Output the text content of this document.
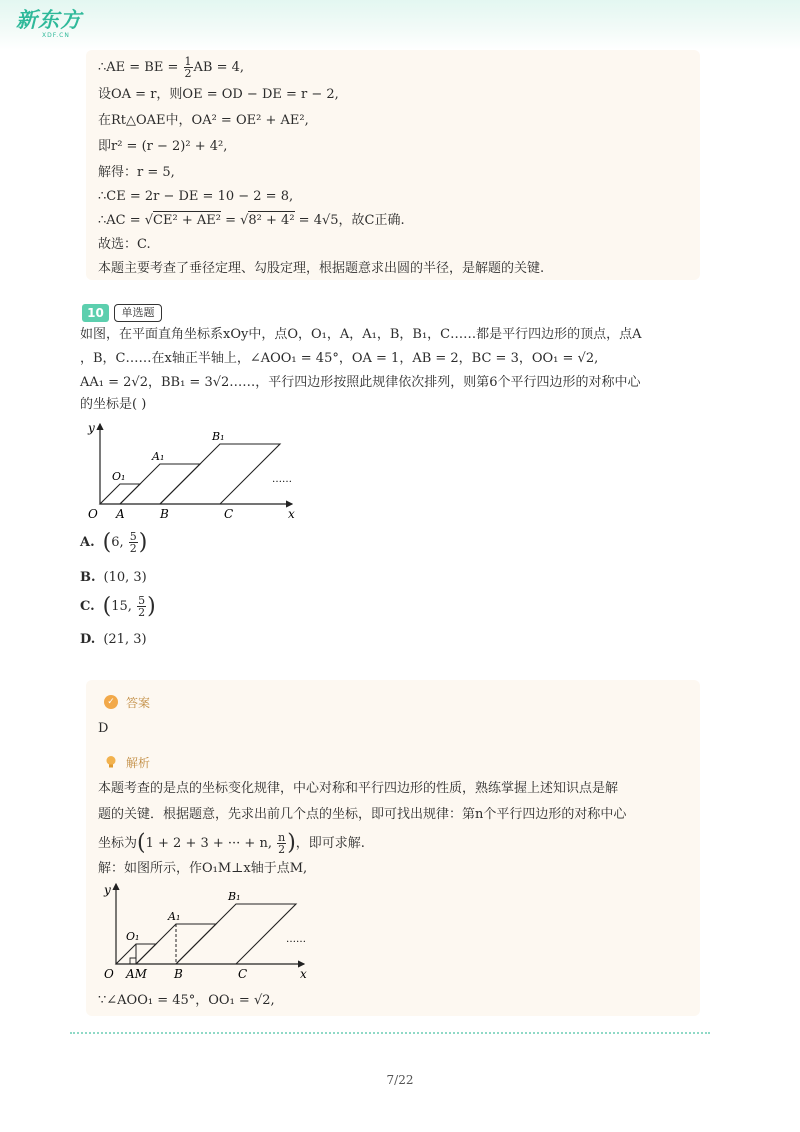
新东方
XDF.CN
∴AE = BE = $\frac{1}{2}$ AB = 4,
设OA = r，则OE = OD − DE = r − 2,
在Rt△OAE中，OA² = OE² + AE²,
即r² = (r − 2)² + 4²,
解得：r = 5,
∴CE = 2r − DE = 10 − 2 = 8,
∴AC = √CE² + AE² = √8² + 4² = 4√5，故C正确.
故选：C.
本题主要考查了垂径定理、勾股定理，根据题意求出圆的半径，是解题的关键.
10	单选题
如图，在平面直角坐标系xOy中，点O，O₁，A，A₁，B，B₁，C……都是平行四边形的顶点，点A
，B，C……在x轴正半轴上，∠AOO₁ = 45°，OA = 1，AB = 2，BC = 3，OO₁ = √2,
AA₁ = 2√2，BB₁ = 3√2……，平行四边形按照此规律依次排列，则第6个平行四边形的对称中心
的坐标是( )
y
x
O A	B	C
O₁
A₁
B₁
……
A. (6, $\frac{5}{2}$ )
B. (10, 3)
C. (15, $\frac{5}{2}$ )
D. (21, 3)
✓ 答案
D
解析
本题考查的是点的坐标变化规律，中心对称和平行四边形的性质，熟练掌握上述知识点是解
题的关键．根据题意，先求出前几个点的坐标，即可找出规律：第n个平行四边形的对称中心
坐标为(1 + 2 + 3 + ··· + n, $\frac{n}{2}$ )，即可求解.
解：如图所示，作O₁M⊥x轴于点M,
y
x
O AM B	C
O₁
A₁
B₁
……
∵∠AOO₁ = 45°，OO₁ = √2,
7/22
